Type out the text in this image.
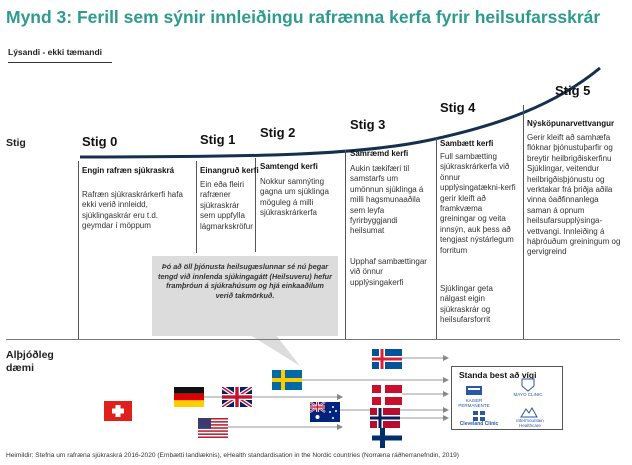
Mynd 3: Ferill sem sýnir innleiðingu rafrænna kerfa fyrir heilsufarsskrár
Lýsandi - ekki tæmandi
Stig	Stig 0
Engin rafræn sjúkraskrá
Rafræn sjúkraskrárkerfi hafa ekki verið innleidd, sjúklingaskrár eru t.d. geymdar í möppum
Stig 1
Einangruð kerfi
Ein eða fleiri rafræner sjúkraskrár sem uppfylla lágmarkskröfur
Stig 2
Samtengd kerfi
Nokkur samnýting gagna um sjúklinga möguleg á milli sjúkraskrárkerfa
Stig 3
Samræmd kerfi
Aukin tækifæri til samstarfs um umönnun sjúklinga á milli hagsmunaaðila sem leyfa fyrirbyggjandi heilsumat
Upphaf sambættingar við önnur upplýsingakerfi
Stig 4
Sambætt kerfi
Full sambætting sjúkraskrárkerfa við önnur upplýsingatækni-kerfi gerir kleift að framkvæma greiningar og veita innsýn, auk þess að tengjast nýstárlegum forritum
Sjúklingar geta nálgast eigin sjúkraskrár og heilsufarsforrit
Stig 5
Nýsköpunarvettvangur
Gerir kleift að samhæfa flóknar þjónustuþarfir og breytir heilbrigðiskerfinu Sjúklingar, veitendur heilbrigðisþjónustu og verktakar frá þriðja aðila vinna óaðfinnanlega saman á opnum heilsufarsupplýsinga-vettvangi. Innleiðing á háþróuðum greiningum og gervigreind
Þó að öll þjónusta heilsugæslunnar sé nú þegar tengd við innlenda sjúkingagátt (Heilsuveru) hefur framþróun á sjúkrahúsum og hjá einkaaðilum verið takmörkuð.
Alþjóðleg dæmi
Standa best að vígi
KAISER PERMANENTE
MAYO CLINIC
Cleveland Clinic
Intermountain Healthcare
Heimildir: Stefna um rafræna sjúkraskrá 2016-2020 (Embætti landlæknis), eHealth standardisation in the Nordic countries (Norræna ráðherranefndin, 2019)
